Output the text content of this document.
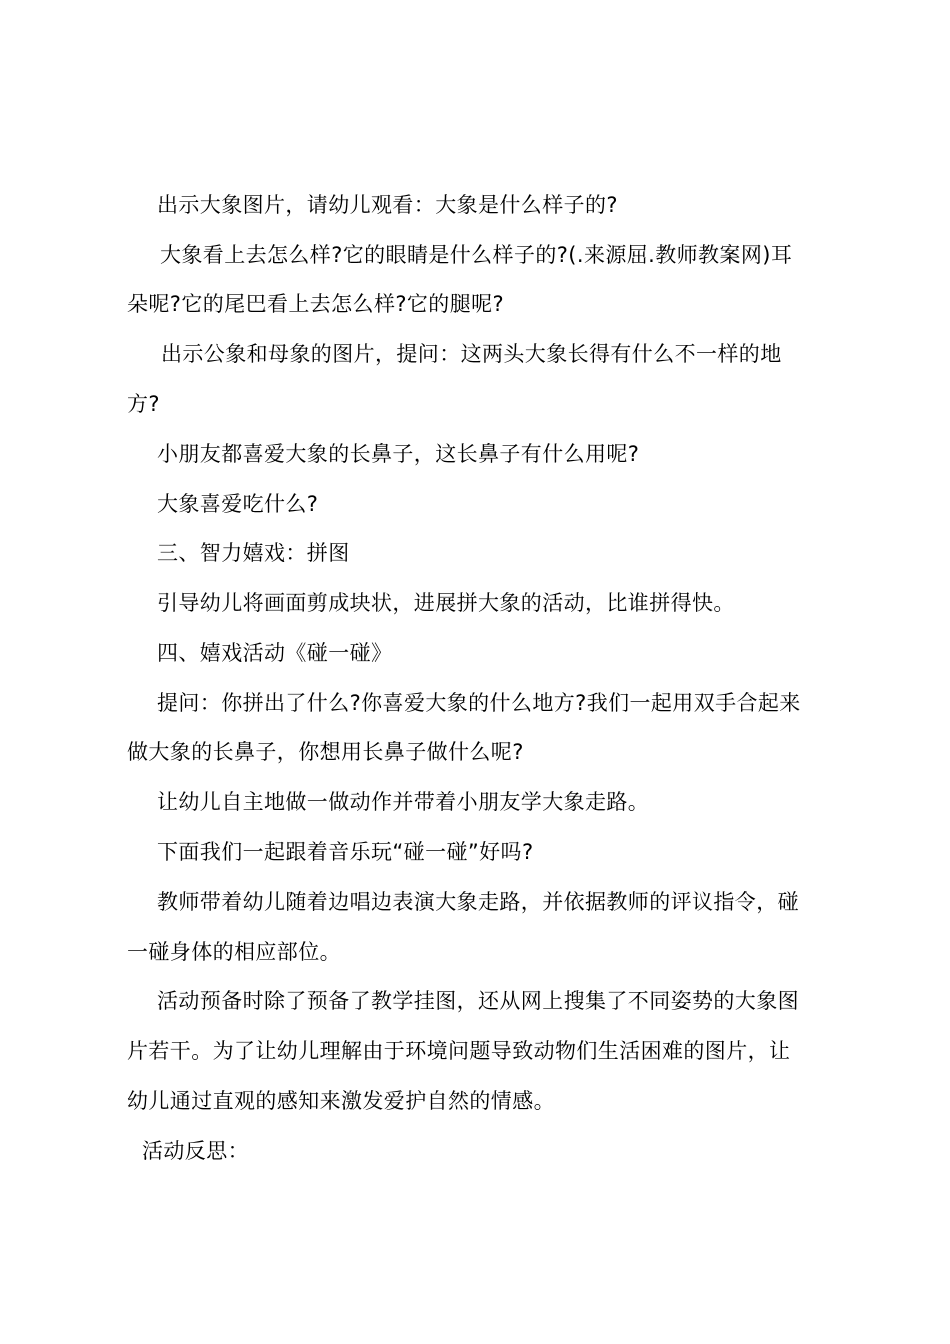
出示大象图片，请幼儿观看：大象是什么样子的?

大象看上去怎么样?它的眼睛是什么样子的?(.来源屈.教师教案网)耳

朵呢?它的尾巴看上去怎么样?它的腿呢?

出示公象和母象的图片，提问：这两头大象长得有什么不一样的地

方?

小朋友都喜爱大象的长鼻子，这长鼻子有什么用呢?

大象喜爱吃什么?

三、智力嬉戏：拼图

引导幼儿将画面剪成块状，进展拼大象的活动，比谁拼得快。

四、嬉戏活动《碰一碰》

提问：你拼出了什么?你喜爱大象的什么地方?我们一起用双手合起来

做大象的长鼻子，你想用长鼻子做什么呢?

让幼儿自主地做一做动作并带着小朋友学大象走路。

下面我们一起跟着音乐玩“碰一碰”好吗?

教师带着幼儿随着边唱边表演大象走路，并依据教师的评议指令，碰

一碰身体的相应部位。

活动预备时除了预备了教学挂图，还从网上搜集了不同姿势的大象图

片若干。为了让幼儿理解由于环境问题导致动物们生活困难的图片，让

幼儿通过直观的感知来激发爱护自然的情感。

活动反思：
